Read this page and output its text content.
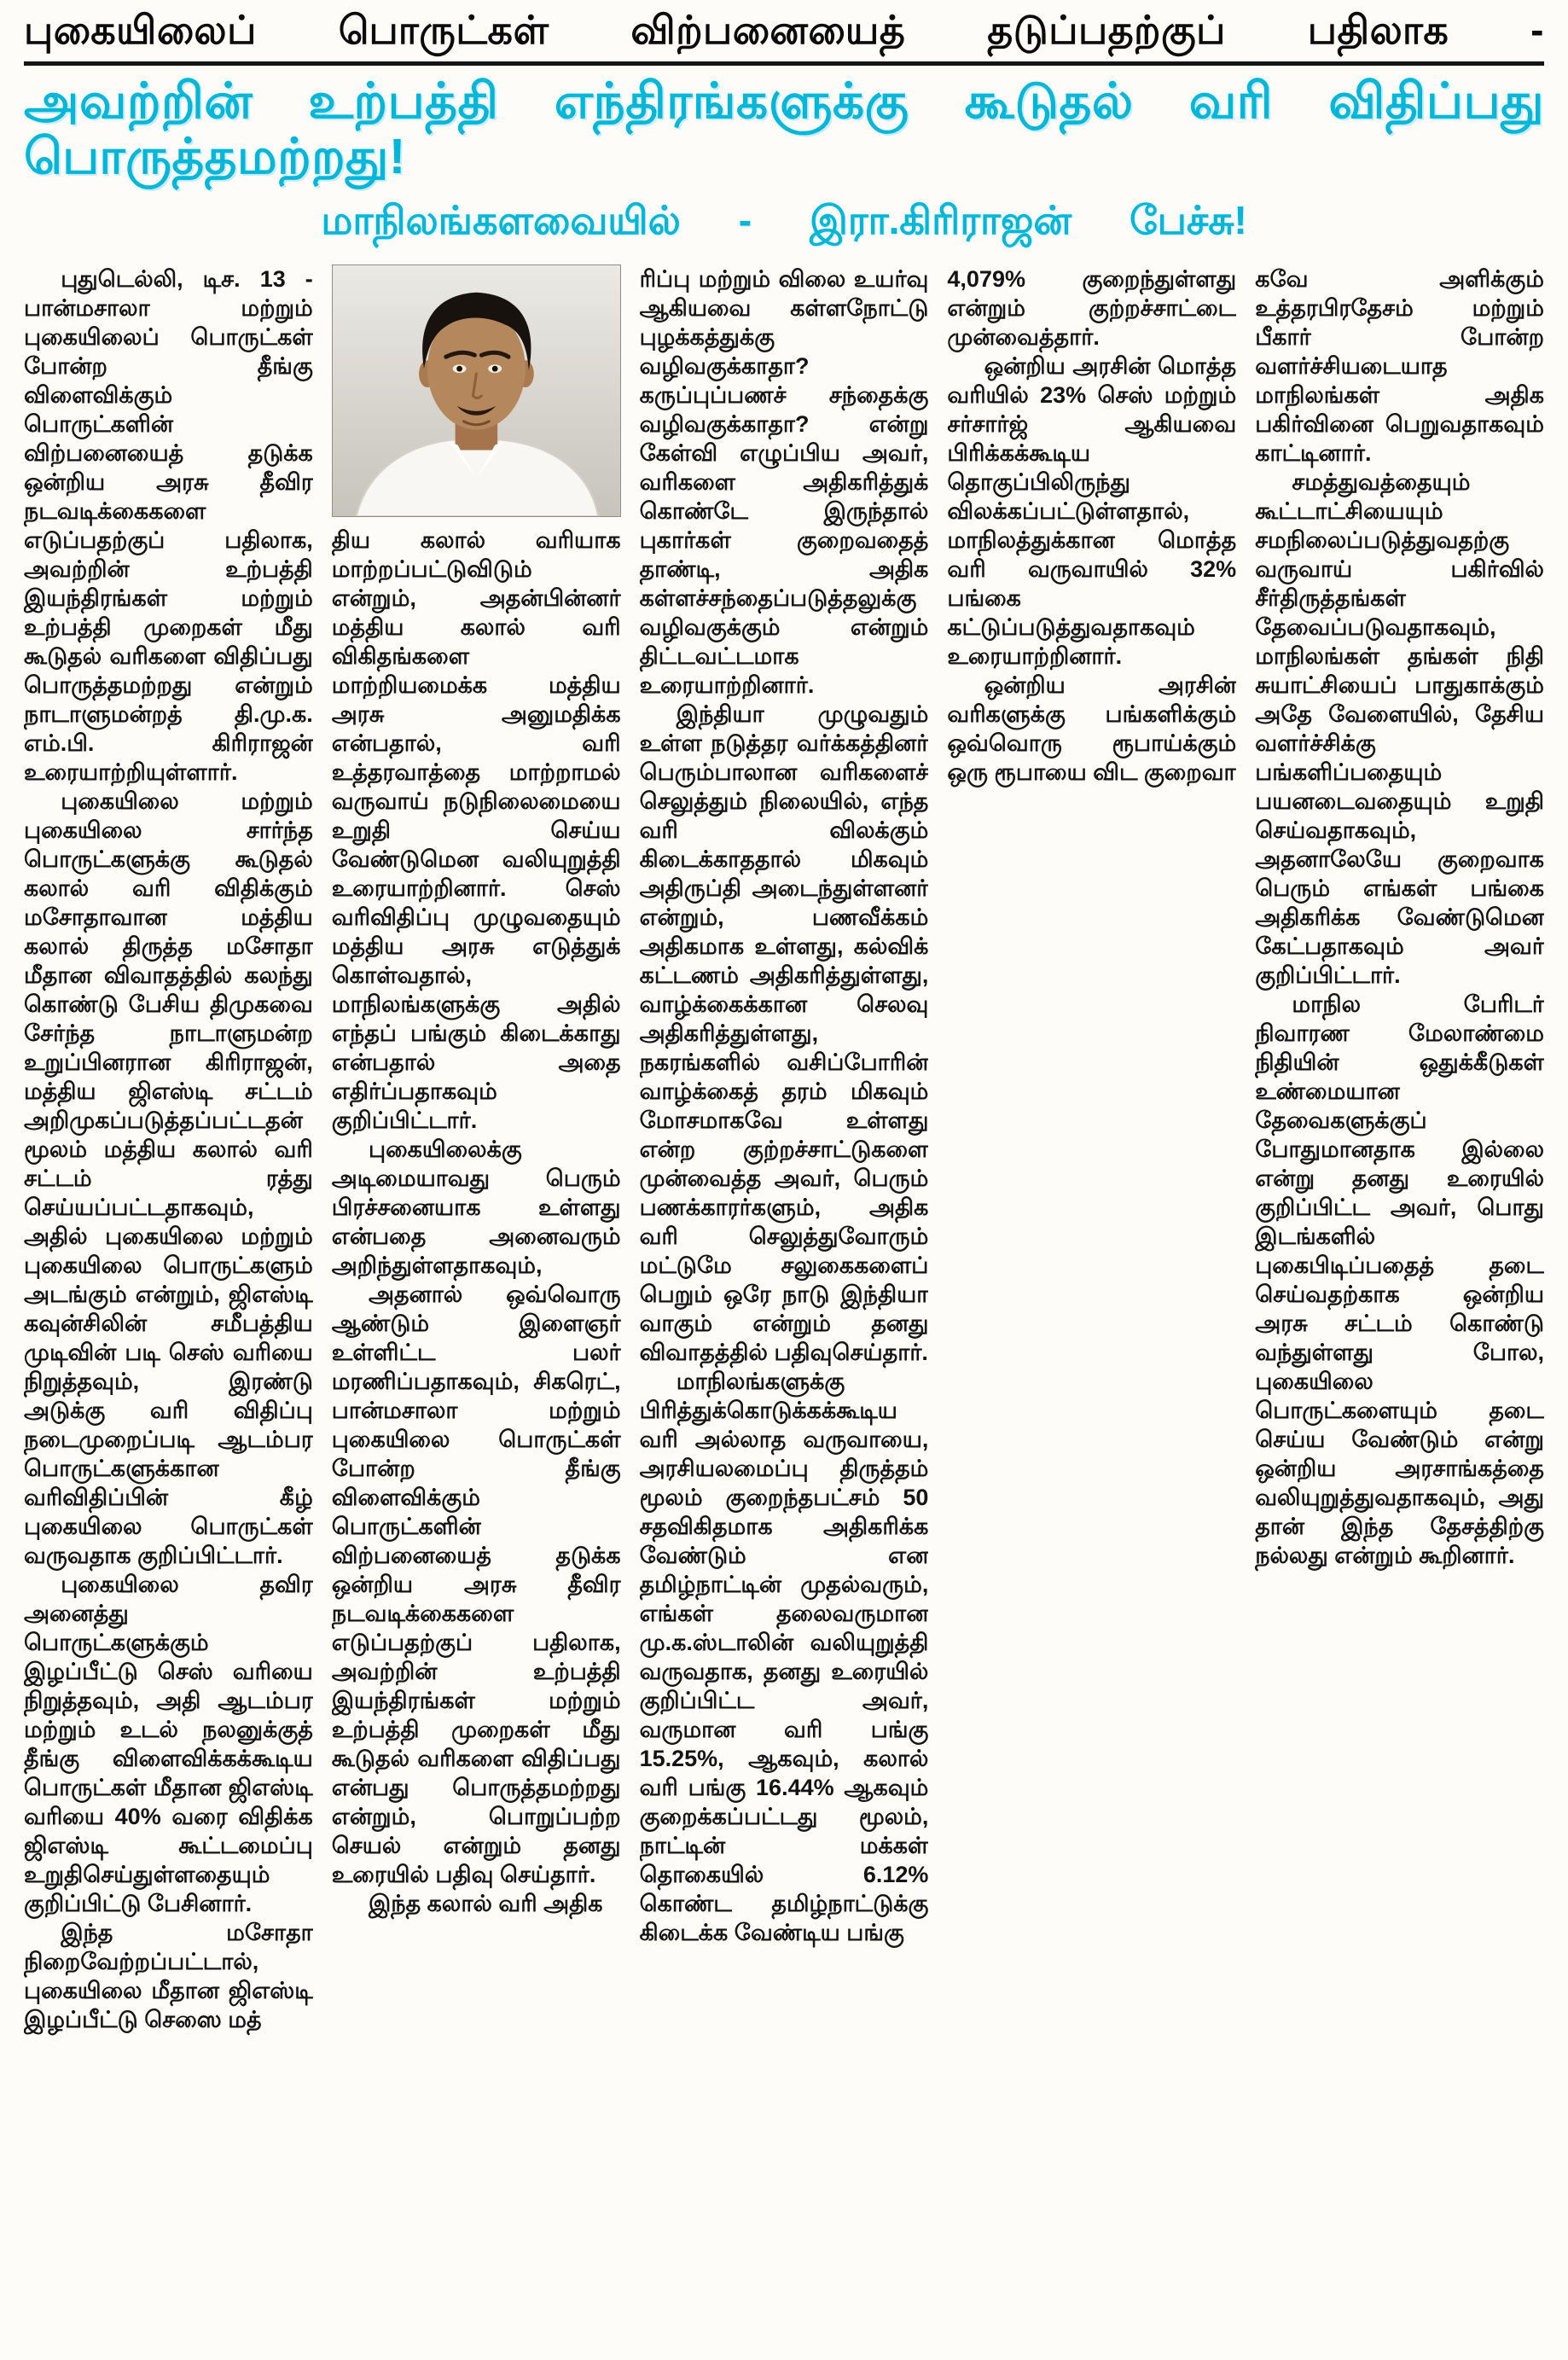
புகையிலைப் பொருட்கள் விற்பனையைத் தடுப்பதற்குப் பதிலாக -
அவற்றின் உற்பத்தி எந்திரங்களுக்கு கூடுதல் வரி விதிப்பது பொருத்தமற்றது!
மாநிலங்களவையில் - இரா.கிரிராஜன் பேச்சு!

புதுடெல்லி, டிச. 13 - பான்மசாலா மற்றும் புகையிலைப் பொருட்கள் போன்ற தீங்கு விளைவிக்கும் பொருட்களின் விற்பனையைத் தடுக்க ஒன்றிய அரசு தீவிர நடவடிக்கைகளை எடுப்பதற்குப் பதிலாக, அவற்றின் உற்பத்தி இயந்திரங்கள் மற்றும் உற்பத்தி முறைகள் மீது கூடுதல் வரிகளை விதிப்பது பொருத்தமற்றது என்றும் நாடாளுமன்றத் தி.மு.க. எம்.பி. கிரிராஜன் உரையாற்றியுள்ளார்.

புகையிலை மற்றும் புகையிலை சார்ந்த பொருட்களுக்கு கூடுதல் கலால் வரி விதிக்கும் மசோதாவான மத்திய கலால் திருத்த மசோதா மீதான விவாதத்தில் கலந்து கொண்டு பேசிய திமுகவை சேர்ந்த நாடாளுமன்ற உறுப்பினரான கிரிராஜன், மத்திய ஜிஎஸ்டி சட்டம் அறிமுகப்படுத்தப்பட்டதன் மூலம் மத்திய கலால் வரி சட்டம் ரத்து செய்யப்பட்டதாகவும், அதில் புகையிலை மற்றும் புகையிலை பொருட்களும் அடங்கும் என்றும், ஜிஎஸ்டி கவுன்சிலின் சமீபத்திய முடிவின் படி செஸ் வரியை நிறுத்தவும், இரண்டு அடுக்கு வரி விதிப்பு நடைமுறைப்படி ஆடம்பர பொருட்களுக்கான வரிவிதிப்பின் கீழ் புகையிலை பொருட்கள் வருவதாக குறிப்பிட்டார்.

புகையிலை தவிர அனைத்து பொருட்களுக்கும் இழப்பீட்டு செஸ் வரியை நிறுத்தவும், அதி ஆடம்பர மற்றும் உடல் நலனுக்குத் தீங்கு விளைவிக்கக்கூடிய பொருட்கள் மீதான ஜிஎஸ்டி வரியை 40% வரை விதிக்க ஜிஎஸ்டி கூட்டமைப்பு உறுதிசெய்துள்ளதையும் குறிப்பிட்டு பேசினார்.

இந்த மசோதா நிறைவேற்றப்பட்டால், புகையிலை மீதான ஜிஎஸ்டி இழப்பீட்டு செஸை மத்

திய கலால் வரியாக மாற்றப்பட்டுவிடும் என்றும், அதன்பின்னர் மத்திய கலால் வரி விகிதங்களை மாற்றியமைக்க மத்திய அரசு அனுமதிக்க என்பதால், வரி உத்தரவாத்தை மாற்றாமல் வருவாய் நடுநிலைமையை உறுதி செய்ய வேண்டுமென வலியுறுத்தி உரையாற்றினார். செஸ் வரிவிதிப்பு முழுவதையும் மத்திய அரசு எடுத்துக் கொள்வதால், மாநிலங்களுக்கு அதில் எந்தப் பங்கும் கிடைக்காது என்பதால் அதை எதிர்ப்பதாகவும் குறிப்பிட்டார்.

புகையிலைக்கு அடிமையாவது பெரும் பிரச்சனையாக உள்ளது என்பதை அனைவரும் அறிந்துள்ளதாகவும்,

அதனால் ஒவ்வொரு ஆண்டும் இளைஞர் உள்ளிட்ட பலர் மரணிப்பதாகவும், சிகரெட், பான்மசாலா மற்றும் புகையிலை பொருட்கள் போன்ற தீங்கு விளைவிக்கும் பொருட்களின் விற்பனையைத் தடுக்க ஒன்றிய அரசு தீவிர நடவடிக்கைகளை எடுப்பதற்குப் பதிலாக, அவற்றின் உற்பத்தி இயந்திரங்கள் மற்றும் உற்பத்தி முறைகள் மீது கூடுதல் வரிகளை விதிப்பது என்பது பொருத்தமற்றது என்றும், பொறுப்பற்ற செயல் என்றும் தனது உரையில் பதிவு செய்தார்.

இந்த கலால் வரி அதிக

ரிப்பு மற்றும் விலை உயர்வு ஆகியவை கள்ளநோட்டு புழக்கத்துக்கு வழிவகுக்காதா? கருப்புப்பணச் சந்தைக்கு வழிவகுக்காதா? என்று கேள்வி எழுப்பிய அவர், வரிகளை அதிகரித்துக் கொண்டே இருந்தால் புகார்கள் குறைவதைத் தாண்டி, அதிக கள்ளச்சந்தைப்படுத்தலுக்கு வழிவகுக்கும் என்றும் திட்டவட்டமாக உரையாற்றினார்.

இந்தியா முழுவதும் உள்ள நடுத்தர வர்க்கத்தினர் பெரும்பாலான வரிகளைச் செலுத்தும் நிலையில், எந்த வரி விலக்கும் கிடைக்காததால் மிகவும் அதிருப்தி அடைந்துள்ளனர் என்றும், பணவீக்கம் அதிகமாக உள்ளது, கல்விக் கட்டணம் அதிகரித்துள்ளது, வாழ்க்கைக்கான செலவு அதிகரித்துள்ளது, நகரங்களில் வசிப்போரின் வாழ்க்கைத் தரம் மிகவும் மோசமாகவே உள்ளது என்ற குற்றச்சாட்டுகளை முன்வைத்த அவர், பெரும் பணக்காரர்களும், அதிக வரி செலுத்துவோரும் மட்டுமே சலுகைகளைப் பெறும் ஒரே நாடு இந்தியா வாகும் என்றும் தனது விவாதத்தில் பதிவுசெய்தார்.

மாநிலங்களுக்கு பிரித்துக்கொடுக்கக்கூடிய வரி அல்லாத வருவாயை, அரசியலமைப்பு திருத்தம் மூலம் குறைந்தபட்சம் 50 சதவிகிதமாக அதிகரிக்க வேண்டும் என தமிழ்நாட்டின் முதல்வரும், எங்கள் தலைவருமான மு.க.ஸ்டாலின் வலியுறுத்தி வருவதாக, தனது உரையில் குறிப்பிட்ட அவர், வருமான வரி பங்கு 15.25%, ஆகவும், கலால் வரி பங்கு 16.44% ஆகவும் குறைக்கப்பட்டது மூலம், நாட்டின் மக்கள் தொகையில் 6.12% கொண்ட தமிழ்நாட்டுக்கு கிடைக்க வேண்டிய பங்கு

4,079% குறைந்துள்ளது என்றும் குற்றச்சாட்டை முன்வைத்தார்.

ஒன்றிய அரசின் மொத்த வரியில் 23% செஸ் மற்றும் சர்சார்ஜ் ஆகியவை பிரிக்கக்கூடிய தொகுப்பிலிருந்து விலக்கப்பட்டுள்ளதால், மாநிலத்துக்கான மொத்த வரி வருவாயில் 32% பங்கை கட்டுப்படுத்துவதாகவும் உரையாற்றினார்.

ஒன்றிய அரசின் வரிகளுக்கு பங்களிக்கும் ஒவ்வொரு ரூபாய்க்கும் ஒரு ரூபாயை விட குறைவா

கவே அளிக்கும் உத்தரபிரதேசம் மற்றும் பீகார் போன்ற வளர்ச்சியடையாத மாநிலங்கள் அதிக பகிர்வினை பெறுவதாகவும் காட்டினார்.

சமத்துவத்தையும் கூட்டாட்சியையும் சமநிலைப்படுத்துவதற்கு வருவாய் பகிர்வில் சீர்திருத்தங்கள் தேவைப்படுவதாகவும், மாநிலங்கள் தங்கள் நிதி சுயாட்சியைப் பாதுகாக்கும் அதே வேளையில், தேசிய வளர்ச்சிக்கு பங்களிப்பதையும் பயனடைவதையும் உறுதி செய்வதாகவும், அதனாலேயே குறைவாக பெரும் எங்கள் பங்கை அதிகரிக்க வேண்டுமென கேட்பதாகவும் அவர் குறிப்பிட்டார்.

மாநில பேரிடர் நிவாரண மேலாண்மை நிதியின் ஒதுக்கீடுகள் உண்மையான தேவைகளுக்குப் போதுமானதாக இல்லை என்று தனது உரையில் குறிப்பிட்ட அவர், பொது இடங்களில் புகைபிடிப்பதைத் தடை செய்வதற்காக ஒன்றிய அரசு சட்டம் கொண்டு வந்துள்ளது போல, புகையிலை பொருட்களையும் தடை செய்ய வேண்டும் என்று ஒன்றிய அரசாங்கத்தை வலியுறுத்துவதாகவும், அது தான் இந்த தேசத்திற்கு நல்லது என்றும் கூறினார்.
